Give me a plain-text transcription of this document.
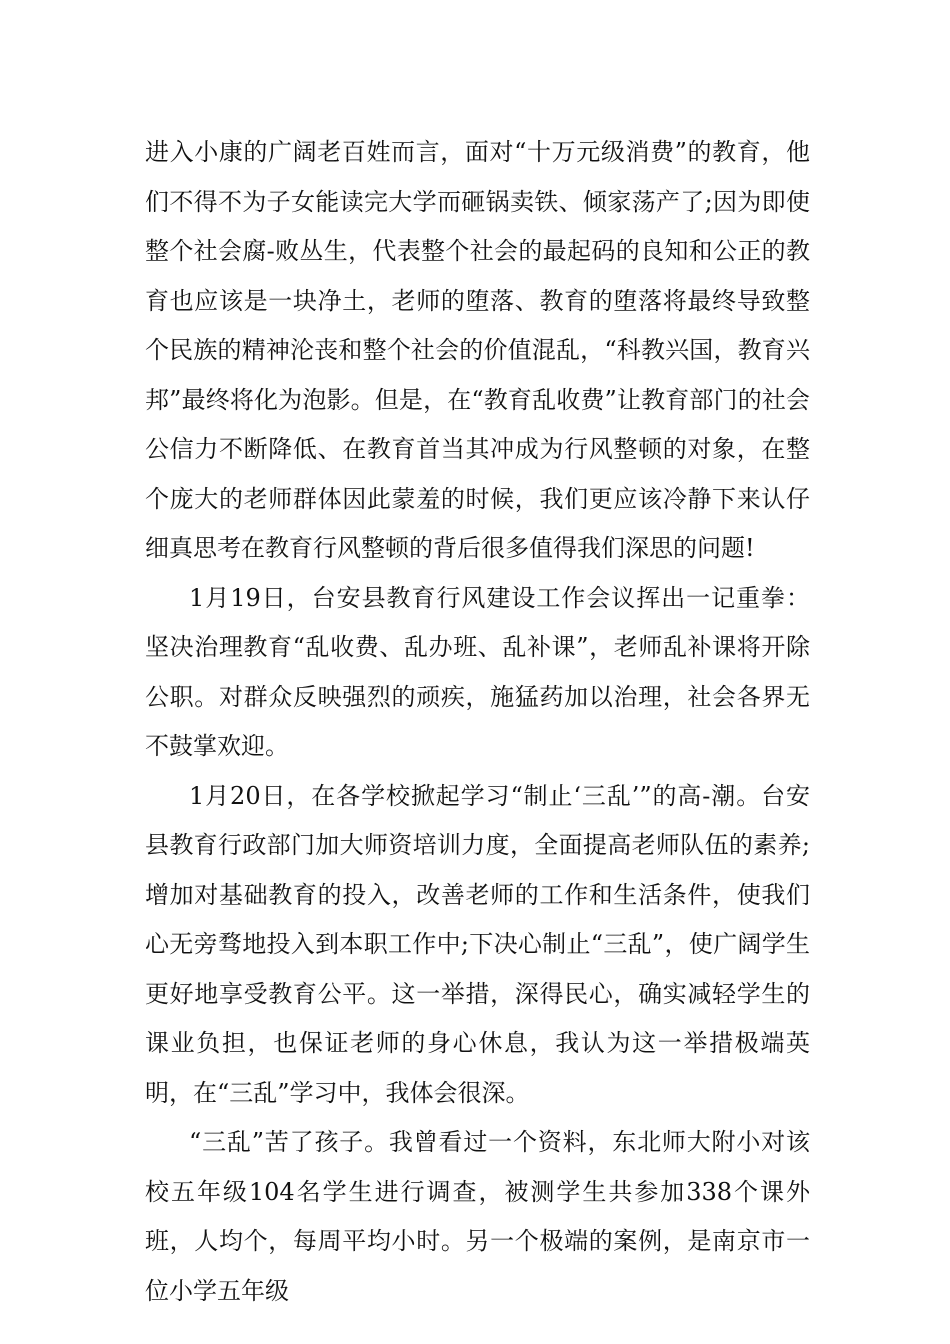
进入小康的广阔老百姓而言，面对“十万元级消费”的教育，他们不得不为子女能读完大学而砸锅卖铁、倾家荡产了;因为即使整个社会腐-败丛生，代表整个社会的最起码的良知和公正的教育也应该是一块净土，老师的堕落、教育的堕落将最终导致整个民族的精神沦丧和整个社会的价值混乱，“科教兴国，教育兴邦”最终将化为泡影。但是，在“教育乱收费”让教育部门的社会公信力不断降低、在教育首当其冲成为行风整顿的对象，在整个庞大的老师群体因此蒙羞的时候，我们更应该冷静下来认仔细真思考在教育行风整顿的背后很多值得我们深思的问题!

1月19日，台安县教育行风建设工作会议挥出一记重拳：坚决治理教育“乱收费、乱办班、乱补课”，老师乱补课将开除公职。对群众反映强烈的顽疾，施猛药加以治理，社会各界无不鼓掌欢迎。

1月20日，在各学校掀起学习“制止‘三乱’”的高-潮。台安县教育行政部门加大师资培训力度，全面提高老师队伍的素养;增加对基础教育的投入，改善老师的工作和生活条件，使我们心无旁骛地投入到本职工作中;下决心制止“三乱”，使广阔学生更好地享受教育公平。这一举措，深得民心，确实减轻学生的课业负担，也保证老师的身心休息，我认为这一举措极端英明，在“三乱”学习中，我体会很深。

“三乱”苦了孩子。我曾看过一个资料，东北师大附小对该校五年级104名学生进行调查，被测学生共参加338个课外班，人均个，每周平均小时。另一个极端的案例，是南京市一位小学五年级
